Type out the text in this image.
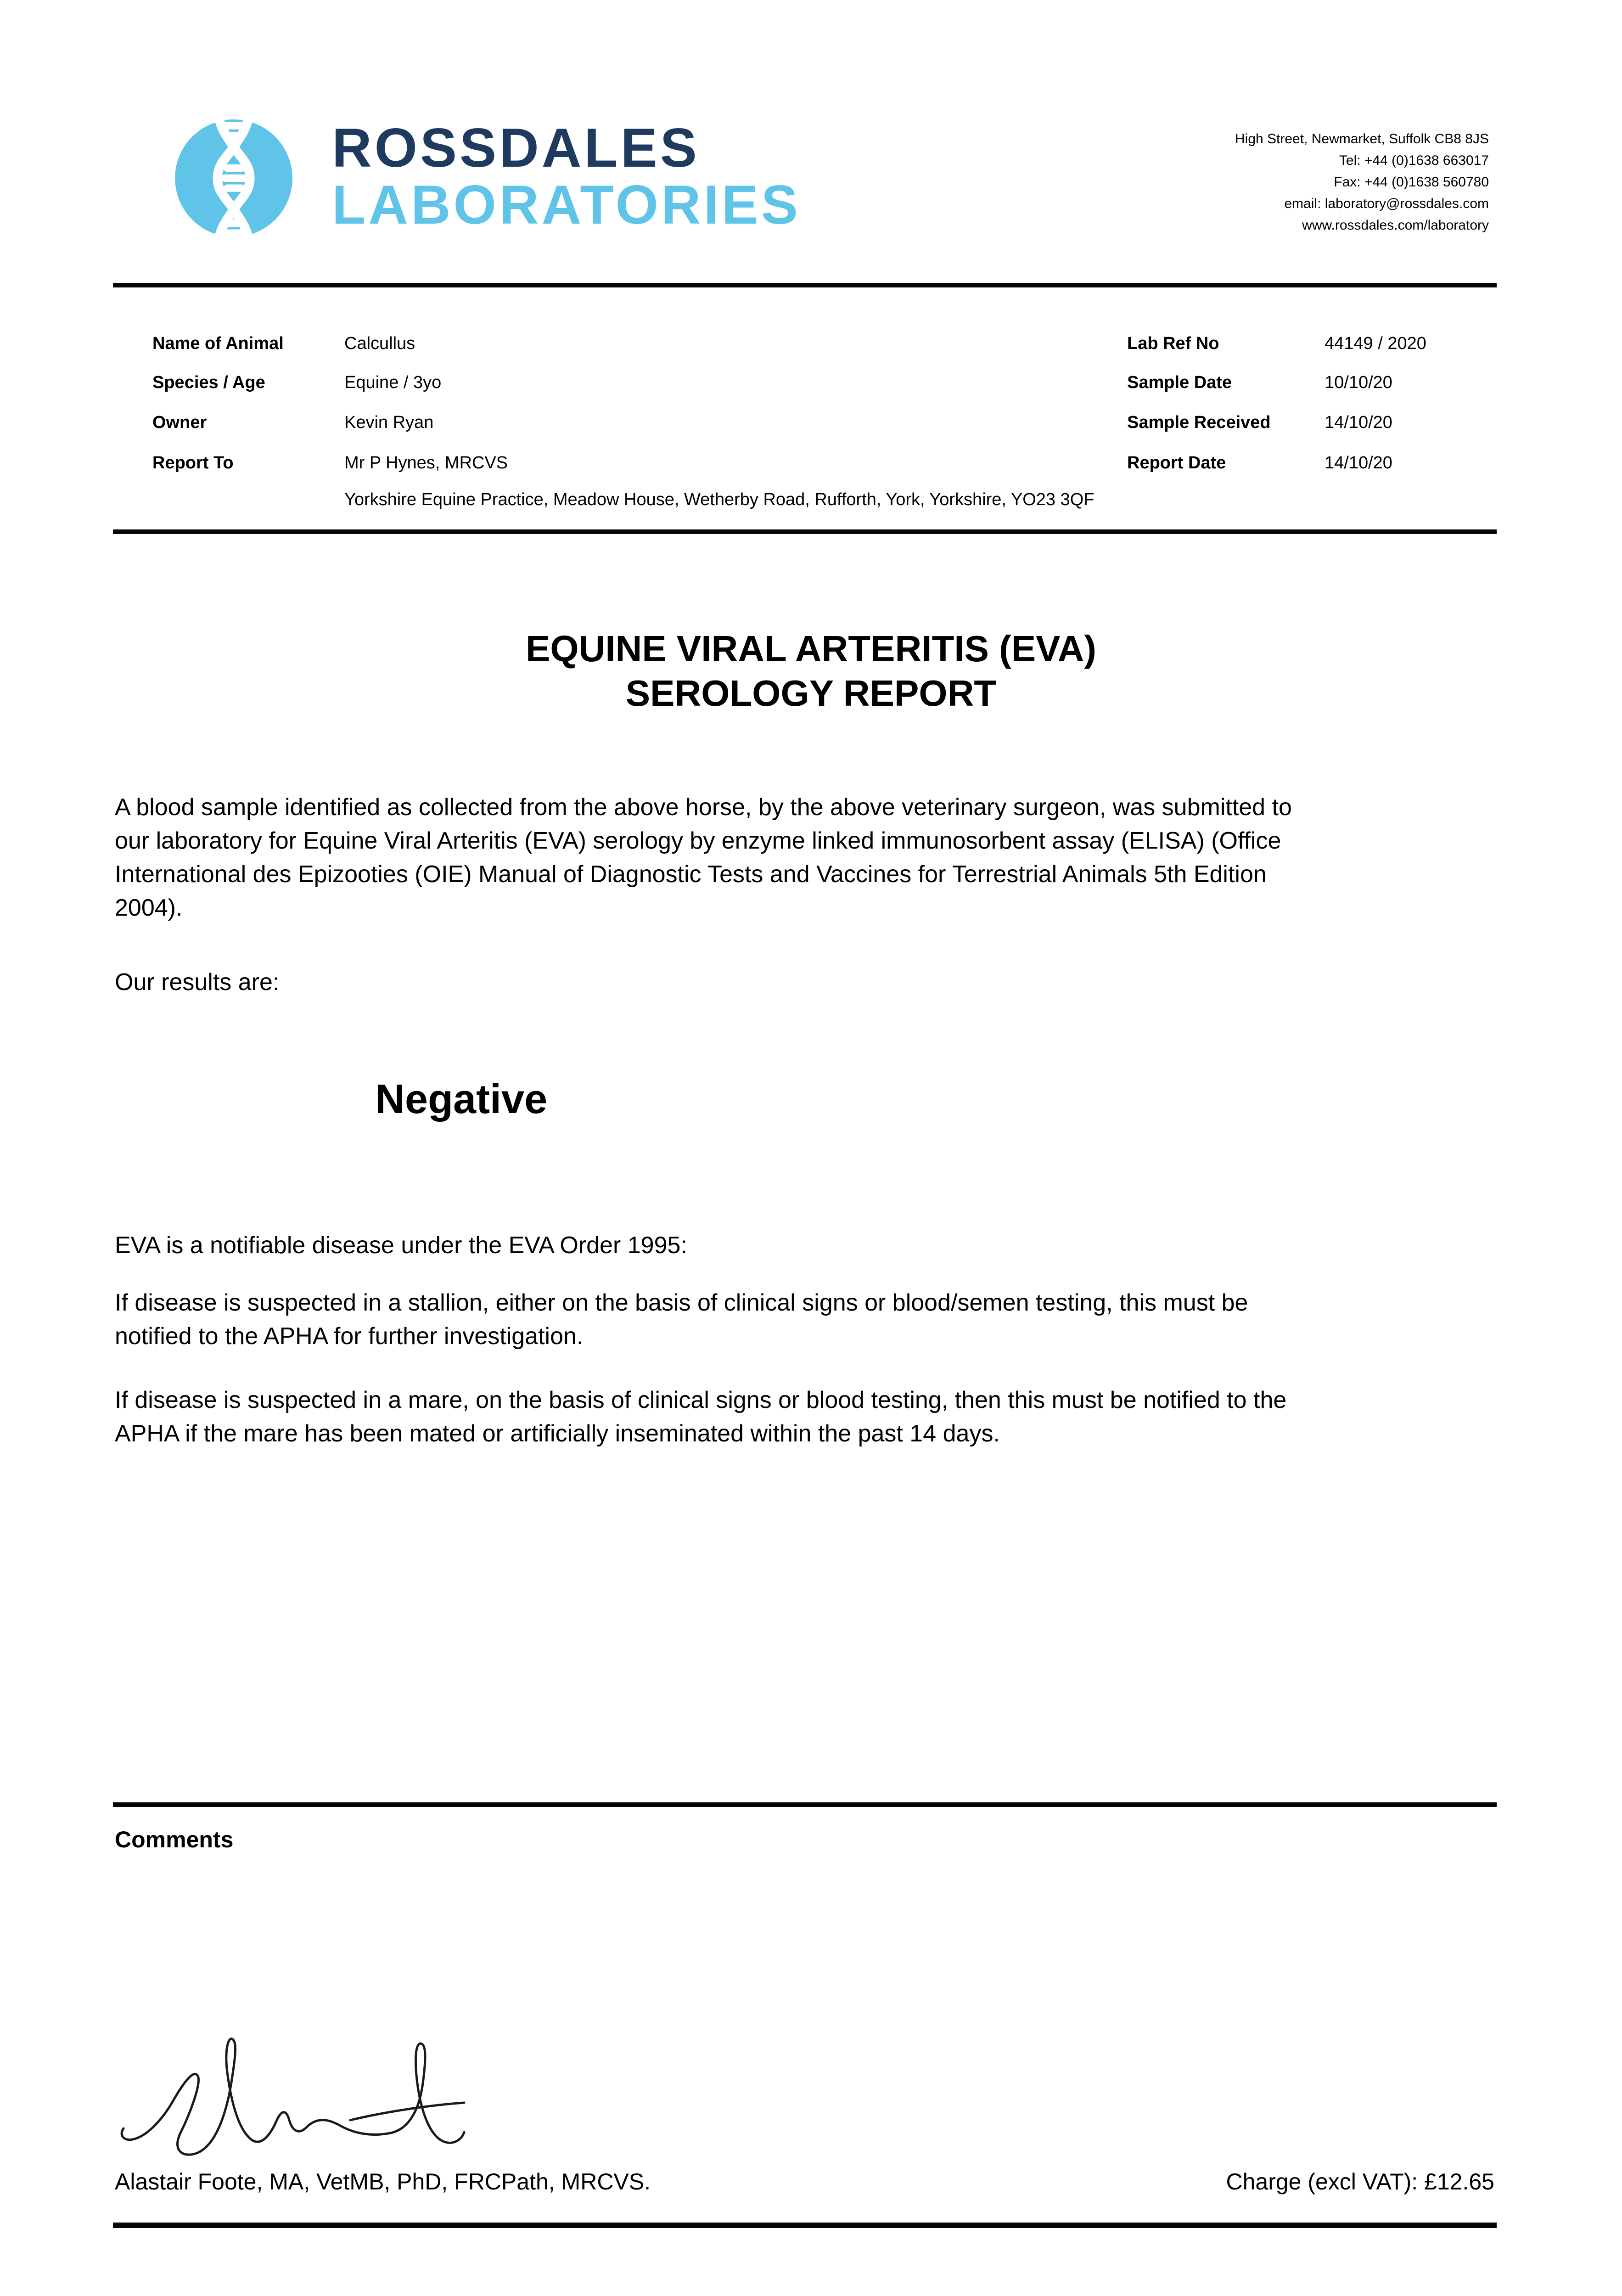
ROSSDALES
LABORATORIES
High Street, Newmarket, Suffolk CB8 8JS
Tel: +44 (0)1638 663017
Fax: +44 (0)1638 560780
email: laboratory@rossdales.com
www.rossdales.com/laboratory
Name of Animal	Calcullus
Species / Age	Equine / 3yo
Owner	Kevin Ryan
Report To	Mr P Hynes, MRCVS
Yorkshire Equine Practice, Meadow House, Wetherby Road, Rufforth, York, Yorkshire, YO23 3QF
Lab Ref No	44149 / 2020
Sample Date	10/10/20
Sample Received	14/10/20
Report Date	14/10/20
EQUINE VIRAL ARTERITIS (EVA)
SEROLOGY REPORT
A blood sample identified as collected from the above horse, by the above veterinary surgeon, was submitted to
our laboratory for Equine Viral Arteritis (EVA) serology by enzyme linked immunosorbent assay (ELISA) (Office
International des Epizooties (OIE) Manual of Diagnostic Tests and Vaccines for Terrestrial Animals 5th Edition
2004).
Our results are:
Negative
EVA is a notifiable disease under the EVA Order 1995:
If disease is suspected in a stallion, either on the basis of clinical signs or blood/semen testing, this must be
notified to the APHA for further investigation.
If disease is suspected in a mare, on the basis of clinical signs or blood testing, then this must be notified to the
APHA if the mare has been mated or artificially inseminated within the past 14 days.
Comments
Alastair Foote, MA, VetMB, PhD, FRCPath, MRCVS.	Charge (excl VAT): £12.65
